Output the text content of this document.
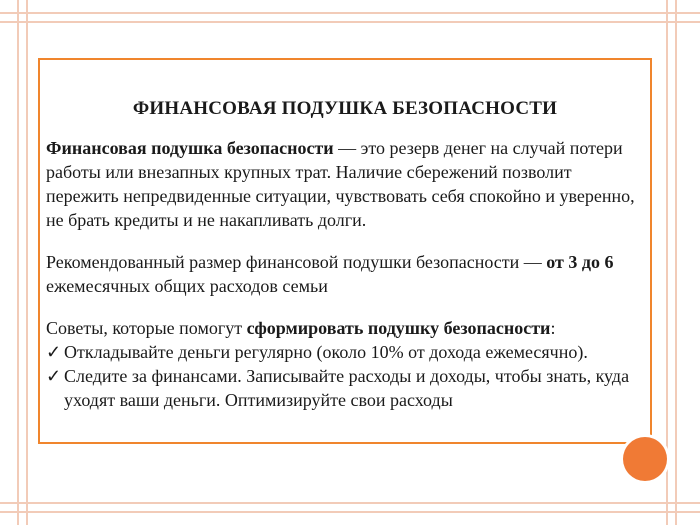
ФИНАНСОВАЯ ПОДУШКА БЕЗОПАСНОСТИ

Финансовая подушка безопасности — это резерв денег на случай потери работы или внезапных крупных трат. Наличие сбережений позволит пережить непредвиденные ситуации, чувствовать себя спокойно и уверенно, не брать кредиты и не накапливать долги.

Рекомендованный размер финансовой подушки безопасности — от 3 до 6 ежемесячных общих расходов семьи

Советы, которые помогут сформировать подушку безопасности:
✓ Откладывайте деньги регулярно (около 10% от дохода ежемесячно).
✓ Следите за финансами. Записывайте расходы и доходы, чтобы знать, куда уходят ваши деньги. Оптимизируйте свои расходы
